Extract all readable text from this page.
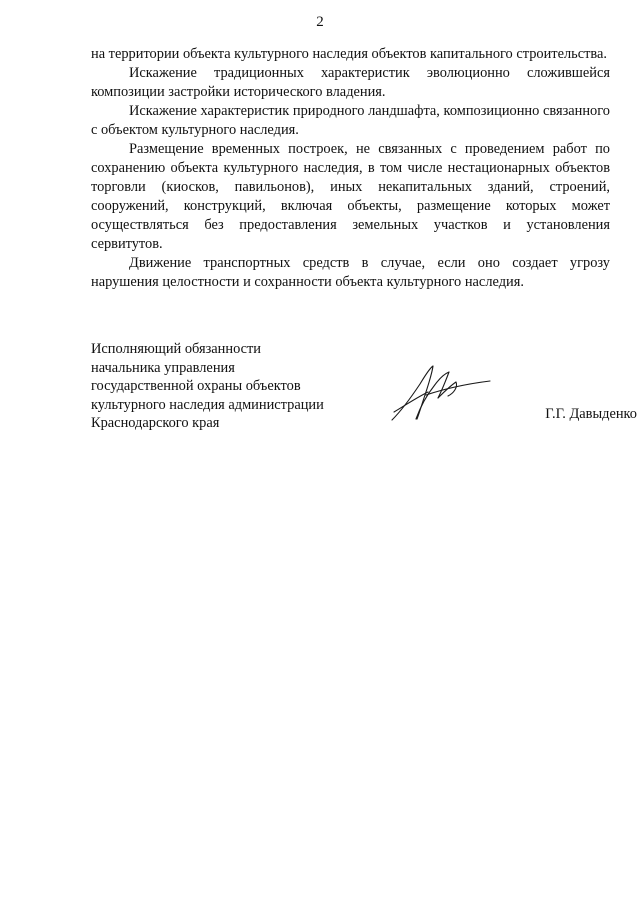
2

на территории объекта культурного наследия объектов капитального строительства.

Искажение традиционных характеристик эволюционно сложившейся композиции застройки исторического владения.

Искажение характеристик природного ландшафта, композиционно связанного с объектом культурного наследия.

Размещение временных построек, не связанных с проведением работ по сохранению объекта культурного наследия, в том числе нестационарных объектов торговли (киосков, павильонов), иных некапитальных зданий, строений, сооружений, конструкций, включая объекты, размещение которых может осуществляться без предоставления земельных участков и установления сервитутов.

Движение транспортных средств в случае, если оно создает угрозу нарушения целостности и сохранности объекта культурного наследия.

Исполняющий обязанности
начальника управления
государственной охраны объектов
культурного наследия администрации
Краснодарского края
Г.Г. Давыденко
